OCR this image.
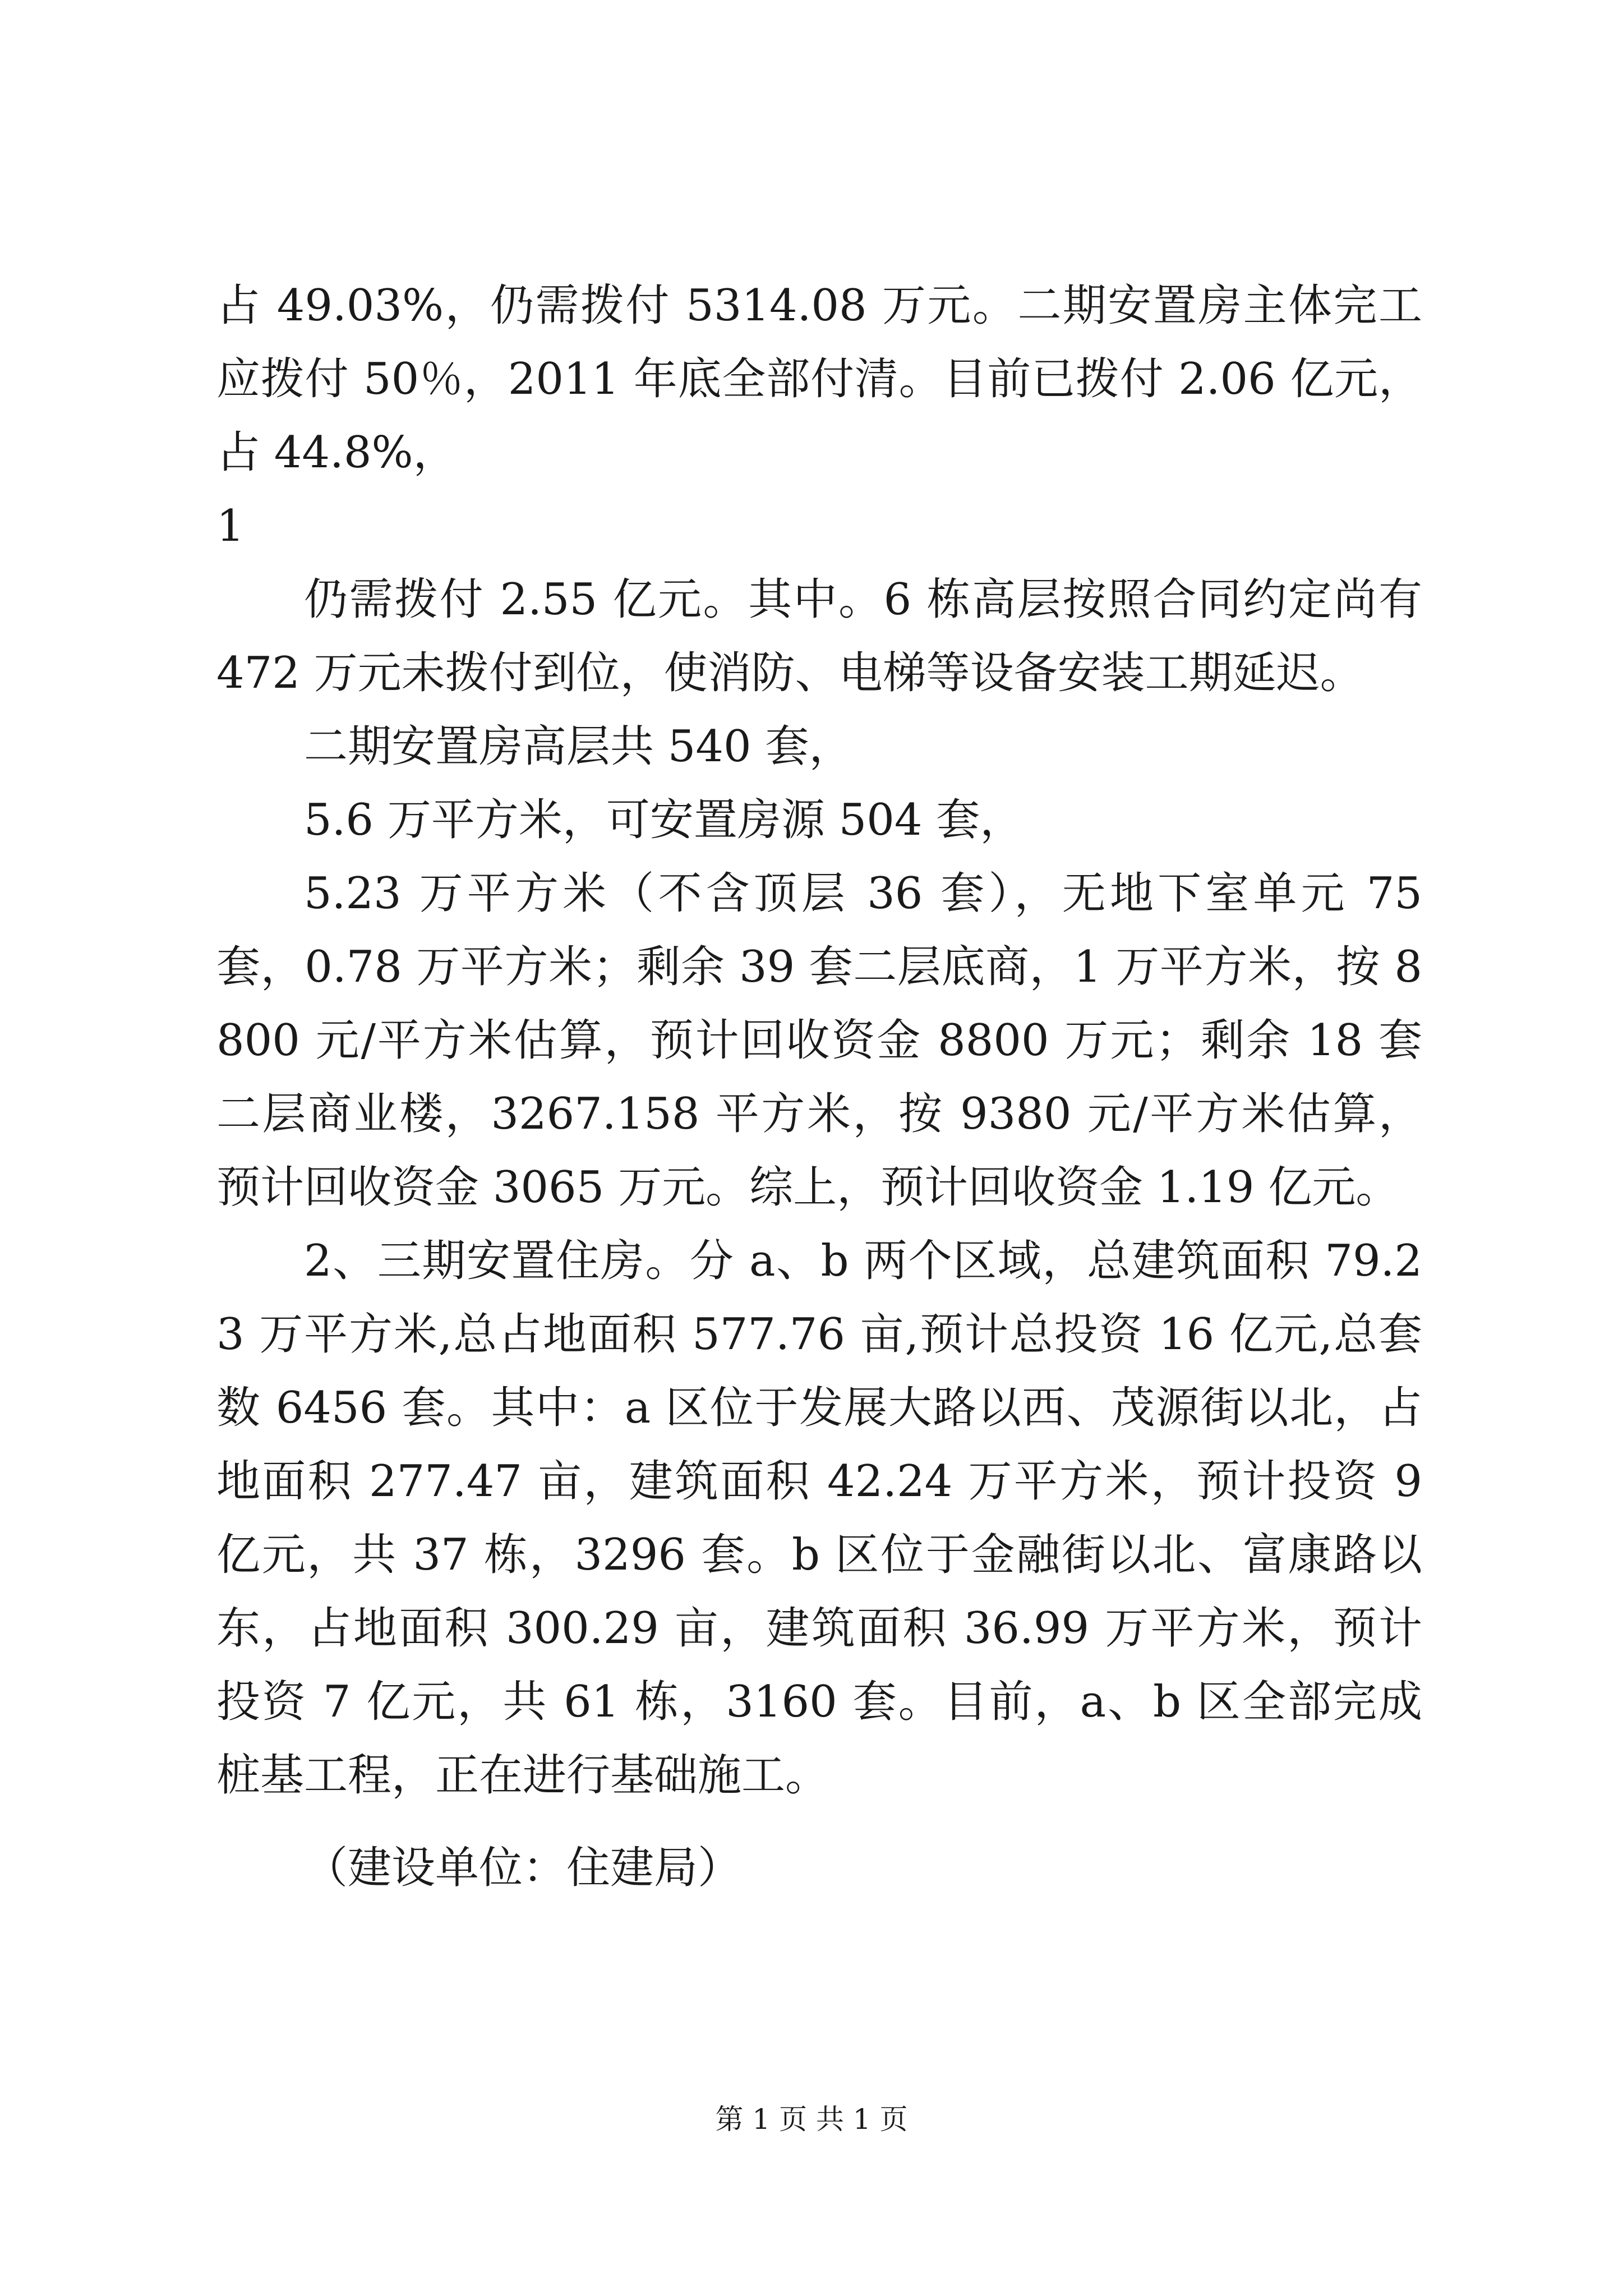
占 49.03%，仍需拨付 5314.08 万元。二期安置房主体完工应拨付 50％，2011 年底全部付清。目前已拨付 2.06 亿元，占 44.8%，

1

仍需拨付 2.55 亿元。其中。6 栋高层按照合同约定尚有 472 万元未拨付到位，使消防、电梯等设备安装工期延迟。

二期安置房高层共 540 套，

5.6 万平方米，可安置房源 504 套，

5.23 万平方米（不含顶层 36 套），无地下室单元 75 套，0.78 万平方米；剩余 39 套二层底商，1 万平方米，按 8800 元/平方米估算，预计回收资金 8800 万元；剩余 18 套二层商业楼，3267.158 平方米，按 9380 元/平方米估算，预计回收资金 3065 万元。综上，预计回收资金 1.19 亿元。

2、三期安置住房。分 a、b 两个区域，总建筑面积 79.23 万平方米,总占地面积 577.76 亩,预计总投资 16 亿元,总套数 6456 套。其中：a 区位于发展大路以西、茂源街以北，占地面积 277.47 亩，建筑面积 42.24 万平方米，预计投资 9 亿元，共 37 栋，3296 套。b 区位于金融街以北、富康路以东，占地面积 300.29 亩，建筑面积 36.99 万平方米，预计投资 7 亿元，共 61 栋，3160 套。目前，a、b 区全部完成桩基工程，正在进行基础施工。

（建设单位：住建局）

第 1 页 共 1 页
